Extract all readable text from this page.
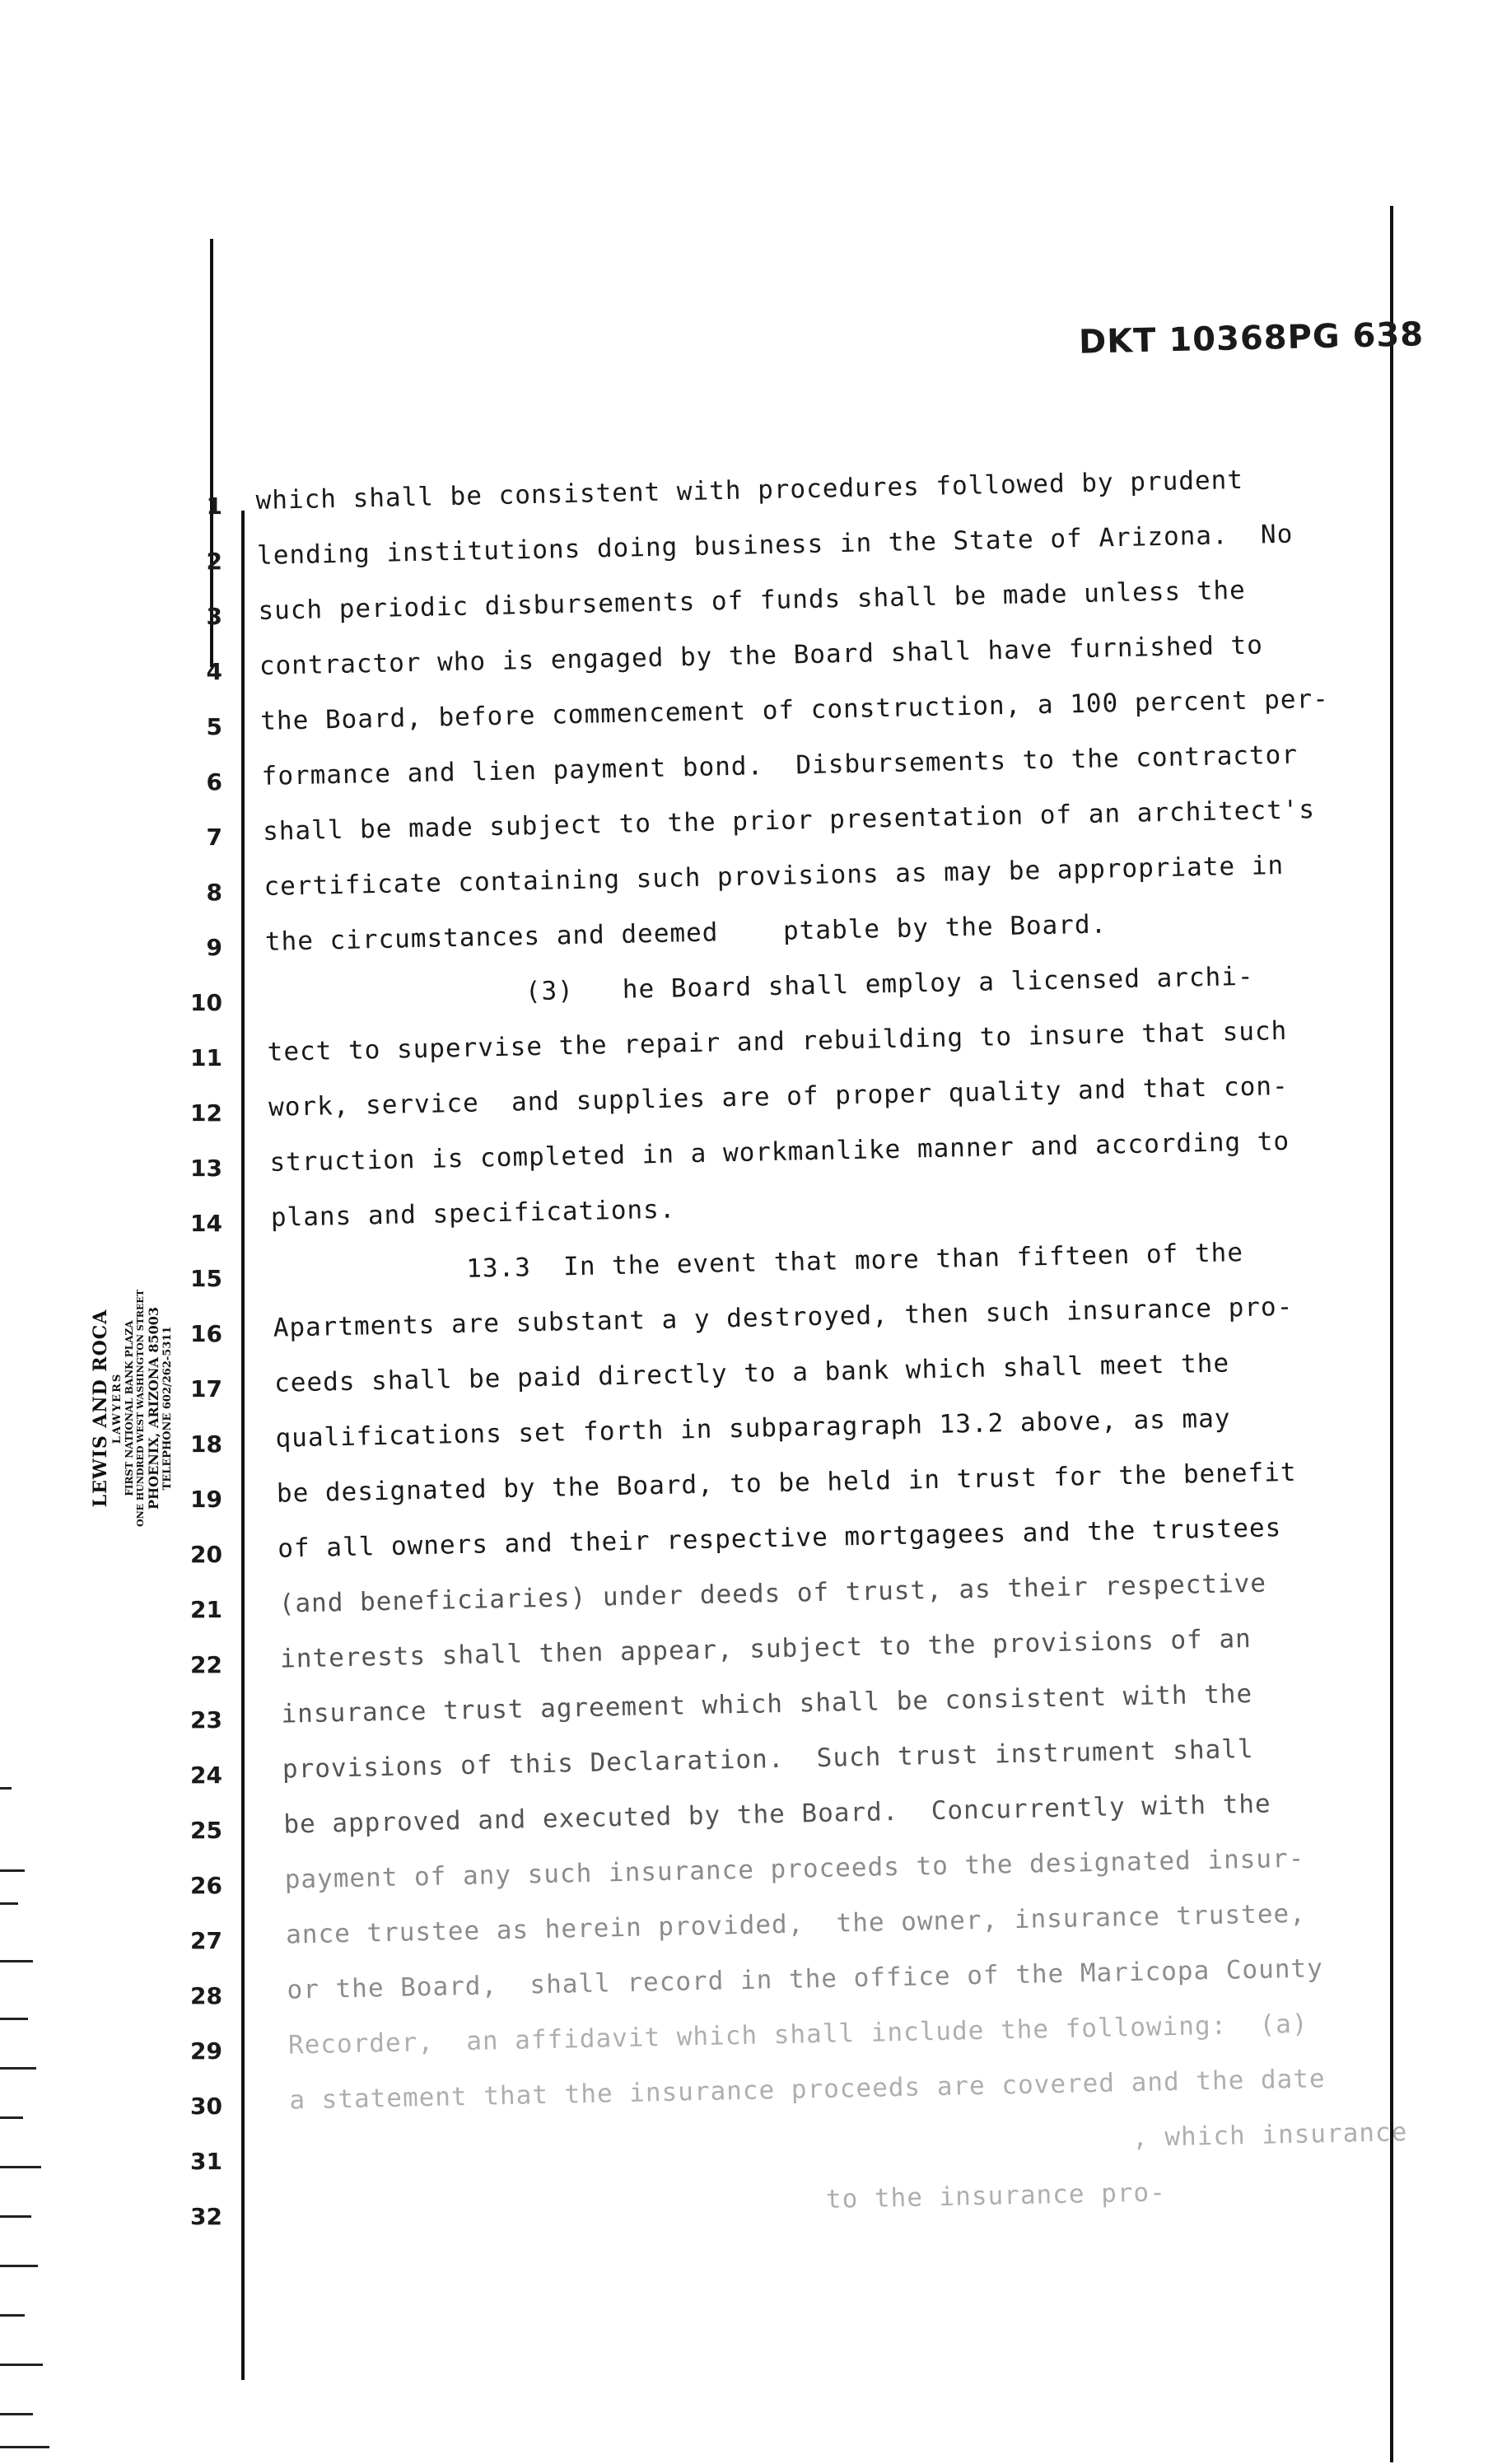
DKT 10368PG 638
LEWIS AND ROCA LAWYERS FIRST NATIONAL BANK PLAZA ONE HUNDRED WEST WASHINGTON STREET PHOENIX, ARIZONA 85003 TELEPHONE 602/262-5311
1
2
3
4
5
6
7
8
9
10
11
12
13
14
15
16
17
18
19
20
21
22
23
24
25
26
27
28
29
30
31
32
which shall be consistent with procedures followed by prudent
lending institutions doing business in the State of Arizona.  No
such periodic disbursements of funds shall be made unless the
contractor who is engaged by the Board shall have furnished to
the Board, before commencement of construction, a 100 percent per-
formance and lien payment bond.  Disbursements to the contractor
shall be made subject to the prior presentation of an architect's
certificate containing such provisions as may be appropriate in
the circumstances and deemed    ptable by the Board.
(3)   he Board shall employ a licensed archi-
tect to supervise the repair and rebuilding to insure that such
work, service  and supplies are of proper quality and that con-
struction is completed in a workmanlike manner and according to
plans and specifications.
13.3  In the event that more than fifteen of the
Apartments are substant a y destroyed, then such insurance pro-
ceeds shall be paid directly to a bank which shall meet the
qualifications set forth in subparagraph 13.2 above, as may
be designated by the Board, to be held in trust for the benefit
of all owners and their respective mortgagees and the trustees
(and beneficiaries) under deeds of trust, as their respective
interests shall then appear, subject to the provisions of an
insurance trust agreement which shall be consistent with the
provisions of this Declaration.  Such trust instrument shall
be approved and executed by the Board.  Concurrently with the
payment of any such insurance proceeds to the designated insur-
ance trustee as herein provided,  the owner, insurance trustee,
or the Board,  shall record in the office of the Maricopa County
Recorder,  an affidavit which shall include the following:  (a)
a statement that the insurance proceeds are covered and the date
, which insurance
to the insurance pro-
